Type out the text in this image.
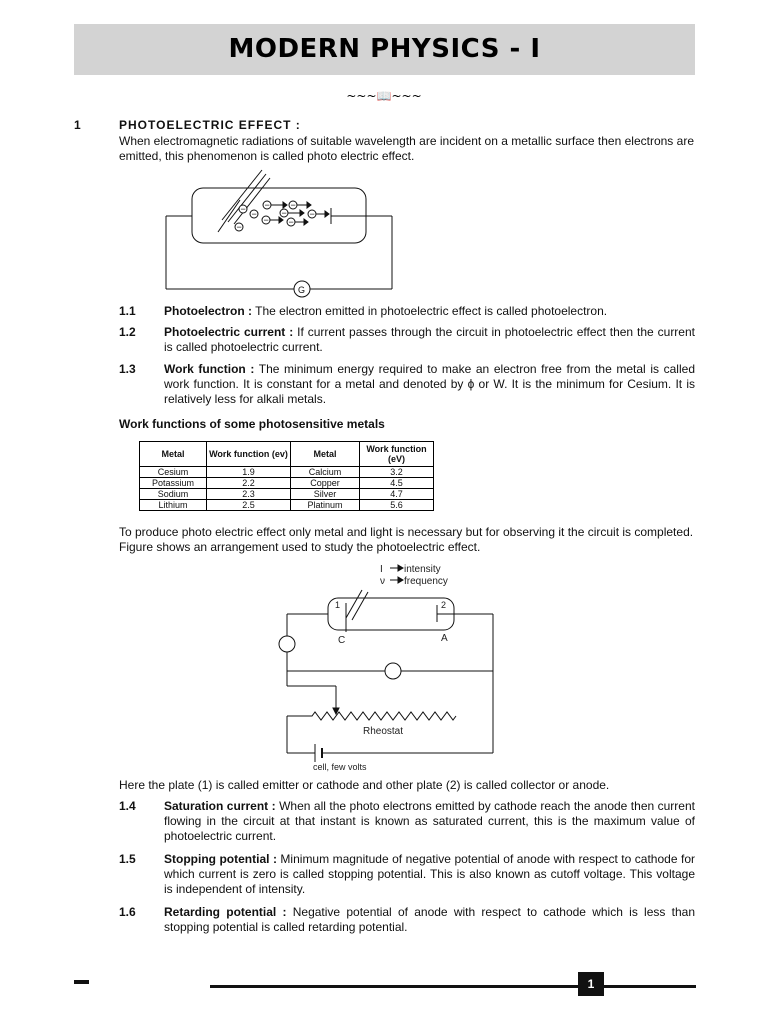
MODERN PHYSICS - I
~~~📖~~~
1	PHOTOELECTRIC EFFECT :
When electromagnetic radiations of suitable wavelength are incident on a metallic surface then electrons are
emitted, this phenomenon is called photo electric effect.
− −
−
−
−
−
−
−
−
G
1.1 Photoelectron : The electron emitted in photoelectric effect is called photoelectron.
1.2 Photoelectric current : If current passes through the circuit in photoelectric effect then the current is called photoelectric current.
1.3 Work function : The minimum energy required to make an electron free from the metal is called work function. It is constant for a metal and denoted by ϕ or W. It is the minimum for Cesium. It is relatively less for alkali metals.
Work functions of some photosensitive metals
Metal	Work function (ev)	Metal	Work function (eV)
Cesium	1.9	Calcium	3.2
Potassium	2.2	Copper	4.5
Sodium	2.3	Silver	4.7
Lithium	2.5	Platinum	5.6
To produce photo electric effect only metal and light is necessary but for observing it the circuit is completed.
Figure shows an arrangement used to study the photoelectric effect.
I intensity
ν frequency
1	2
C	A
Rheostat
cell, few volts
Here the plate (1) is called emitter or cathode and other plate (2) is called collector or anode.
1.4 Saturation current : When all the photo electrons emitted by cathode reach the anode then current flowing in the circuit at that instant is known as saturated current, this is the maximum value of photoelectric current.
1.5 Stopping potential : Minimum magnitude of negative potential of anode with respect to cathode for which current is zero is called stopping potential. This is also known as cutoff voltage. This voltage is independent of intensity.
1.6 Retarding potential : Negative potential of anode with respect to cathode which is less than stopping potential is called retarding potential.
1
